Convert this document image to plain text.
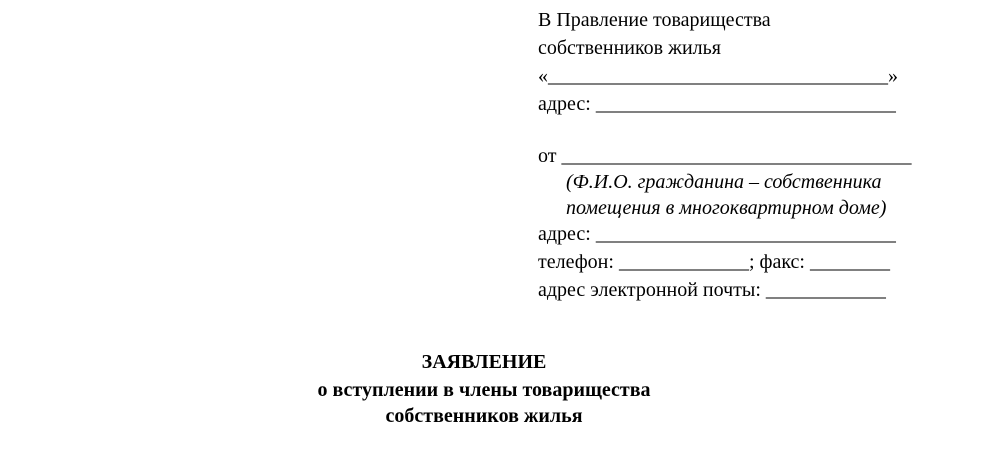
В Правление товарищества
собственников жилья
«__________________________________»
адрес: ______________________________
от ___________________________________
(Ф.И.О. гражданина – собственника
помещения в многоквартирном доме)
адрес: ______________________________
телефон: _____________; факс: ________
адрес электронной почты: ____________
ЗАЯВЛЕНИЕ
о вступлении в члены товарищества
собственников жилья
